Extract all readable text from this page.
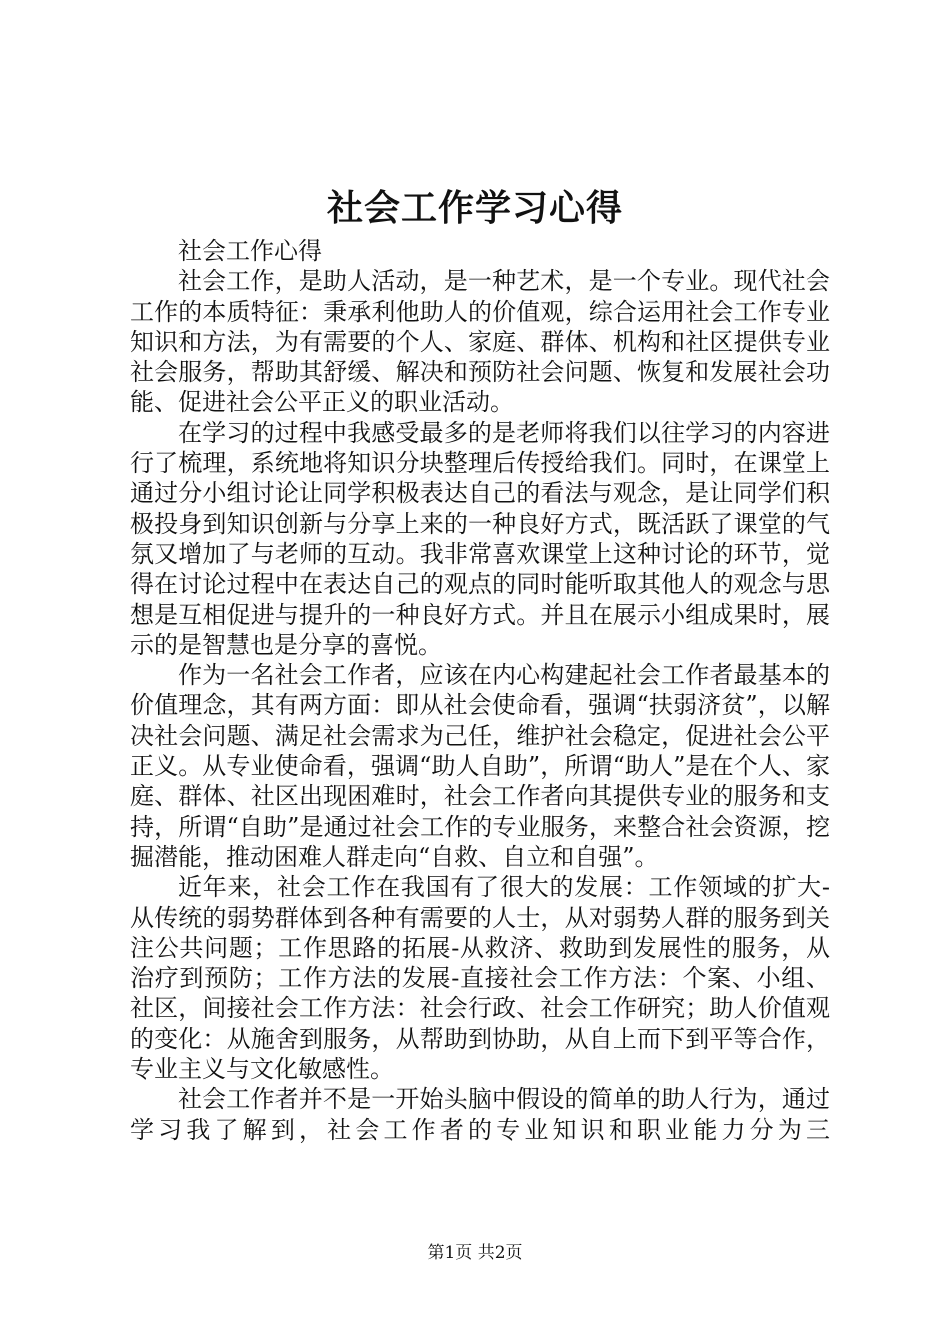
社会工作学习心得

社会工作心得

社会工作，是助人活动，是一种艺术，是一个专业。现代社会工作的本质特征：秉承利他助人的价值观，综合运用社会工作专业知识和方法，为有需要的个人、家庭、群体、机构和社区提供专业社会服务，帮助其舒缓、解决和预防社会问题、恢复和发展社会功能、促进社会公平正义的职业活动。

在学习的过程中我感受最多的是老师将我们以往学习的内容进行了梳理，系统地将知识分块整理后传授给我们。同时，在课堂上通过分小组讨论让同学积极表达自己的看法与观念，是让同学们积极投身到知识创新与分享上来的一种良好方式，既活跃了课堂的气氛又增加了与老师的互动。我非常喜欢课堂上这种讨论的环节，觉得在讨论过程中在表达自己的观点的同时能听取其他人的观念与思想是互相促进与提升的一种良好方式。并且在展示小组成果时，展示的是智慧也是分享的喜悦。

作为一名社会工作者，应该在内心构建起社会工作者最基本的价值理念，其有两方面：即从社会使命看，强调“扶弱济贫”，以解决社会问题、满足社会需求为己任，维护社会稳定，促进社会公平正义。从专业使命看，强调“助人自助”，所谓“助人”是在个人、家庭、群体、社区出现困难时，社会工作者向其提供专业的服务和支持，所谓“自助”是通过社会工作的专业服务，来整合社会资源，挖掘潜能，推动困难人群走向“自救、自立和自强”。

近年来，社会工作在我国有了很大的发展：工作领域的扩大-从传统的弱势群体到各种有需要的人士，从对弱势人群的服务到关注公共问题；工作思路的拓展-从救济、救助到发展性的服务，从治疗到预防；工作方法的发展-直接社会工作方法：个案、小组、社区，间接社会工作方法：社会行政、社会工作研究；助人价值观的变化：从施舍到服务，从帮助到协助，从自上而下到平等合作，专业主义与文化敏感性。

社会工作者并不是一开始头脑中假设的简单的助人行为，通过学习我了解到，社会工作者的专业知识和职业能力分为三

第1页 共2页
